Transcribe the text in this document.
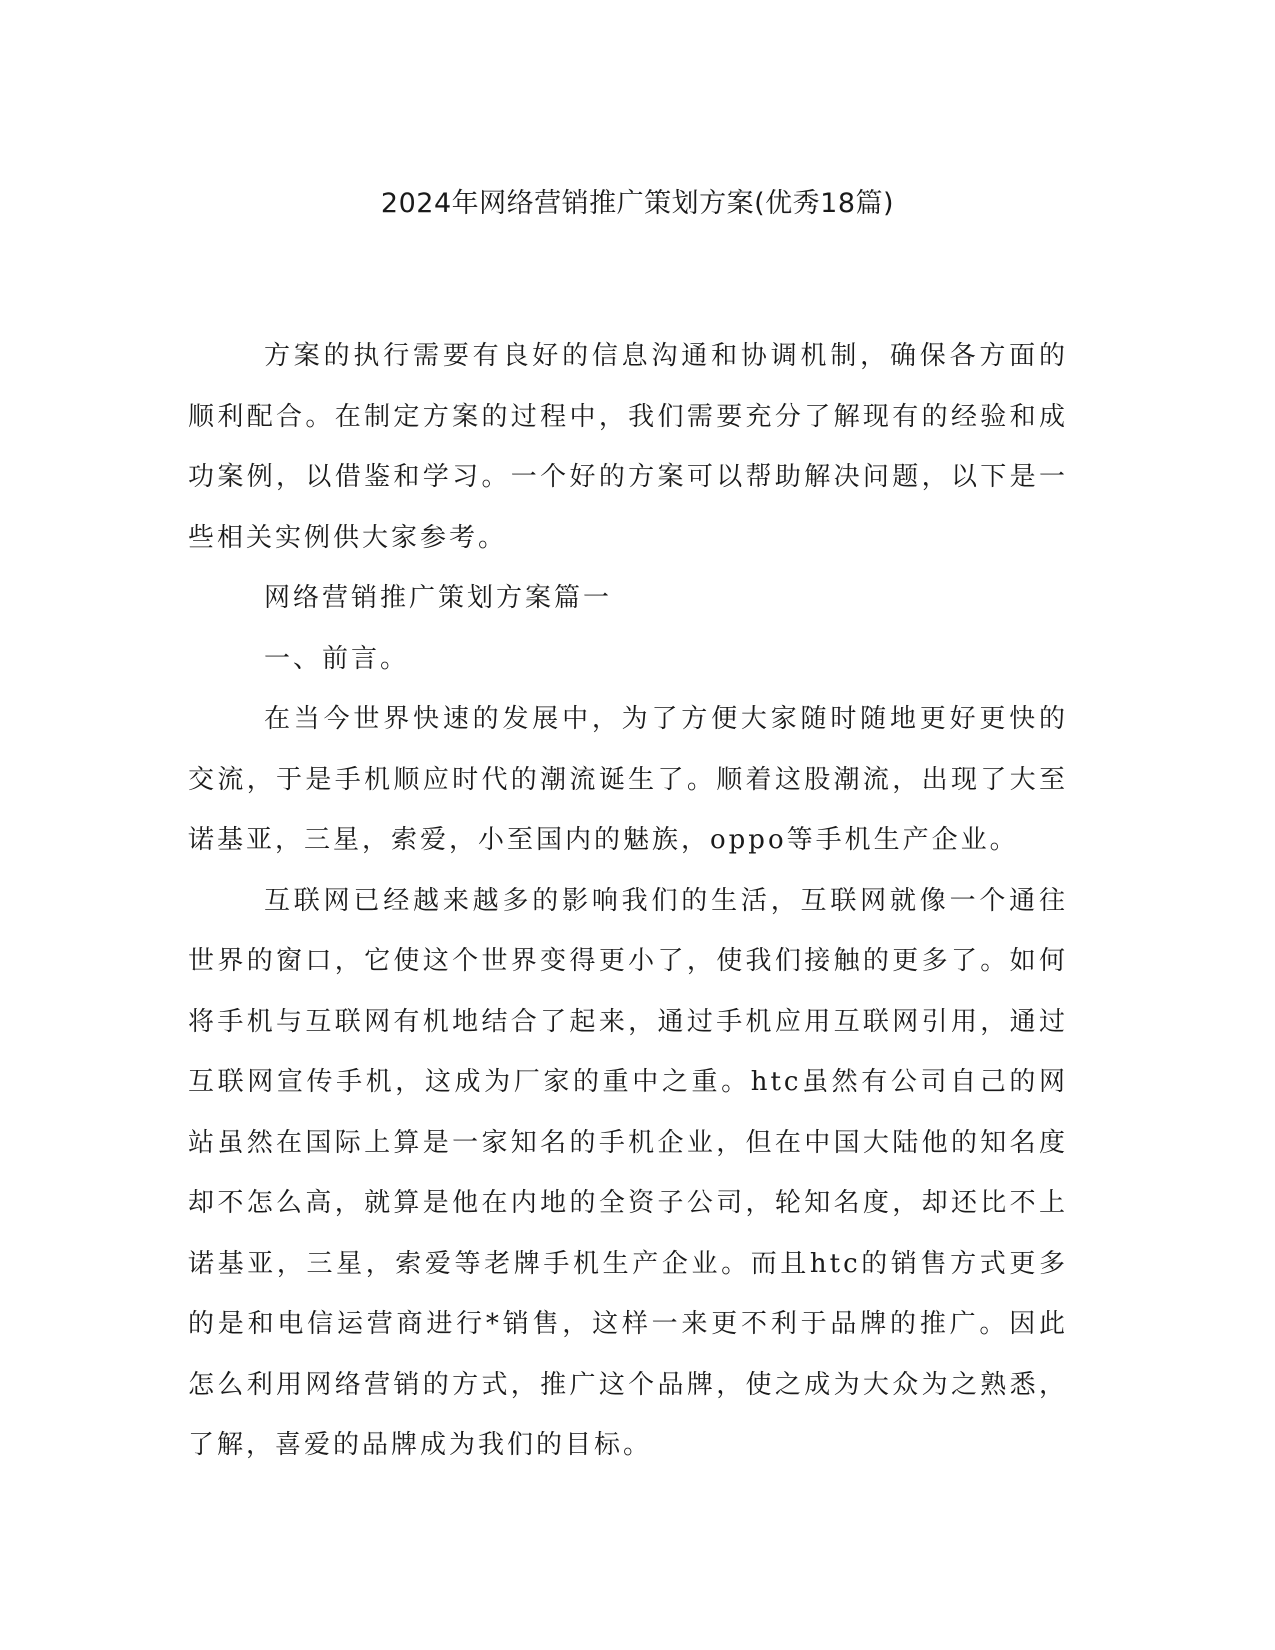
2024年网络营销推广策划方案(优秀18篇)

方案的执行需要有良好的信息沟通和协调机制，确保各方面的顺利配合。在制定方案的过程中，我们需要充分了解现有的经验和成功案例，以借鉴和学习。一个好的方案可以帮助解决问题，以下是一些相关实例供大家参考。

网络营销推广策划方案篇一

一、前言。

在当今世界快速的发展中，为了方便大家随时随地更好更快的交流，于是手机顺应时代的潮流诞生了。顺着这股潮流，出现了大至诺基亚，三星，索爱，小至国内的魅族，oppo等手机生产企业。

互联网已经越来越多的影响我们的生活，互联网就像一个通往世界的窗口，它使这个世界变得更小了，使我们接触的更多了。如何将手机与互联网有机地结合了起来，通过手机应用互联网引用，通过互联网宣传手机，这成为厂家的重中之重。htc虽然有公司自己的网站虽然在国际上算是一家知名的手机企业，但在中国大陆他的知名度却不怎么高，就算是他在内地的全资子公司，轮知名度，却还比不上诺基亚，三星，索爱等老牌手机生产企业。而且htc的销售方式更多的是和电信运营商进行*销售，这样一来更不利于品牌的推广。因此怎么利用网络营销的方式，推广这个品牌，使之成为大众为之熟悉，了解，喜爱的品牌成为我们的目标。
